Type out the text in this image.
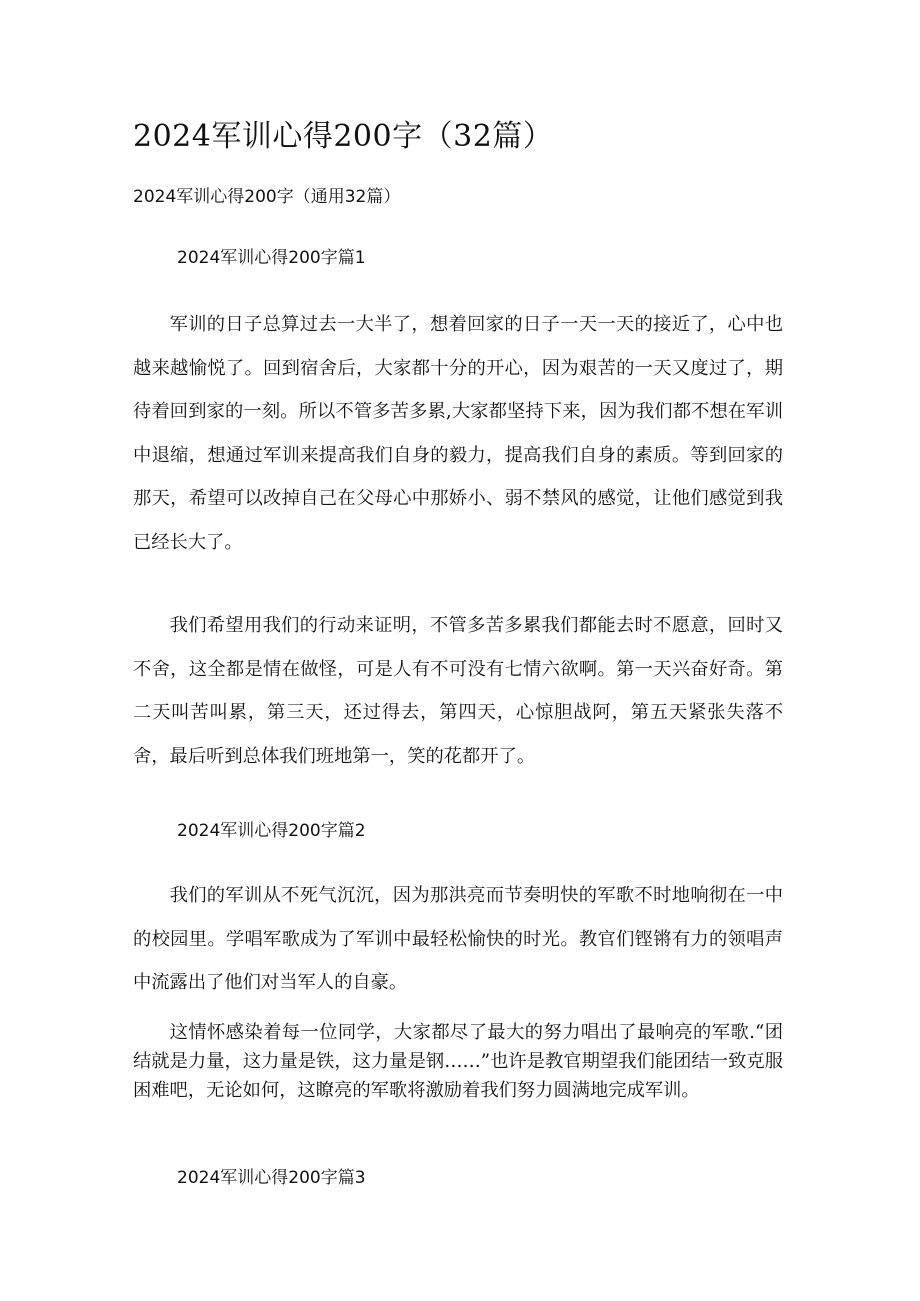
2024军训心得200字（32篇）
2024军训心得200字（通用32篇）
2024军训心得200字篇1

军训的日子总算过去一大半了，想着回家的日子一天一天的接近了，心中也越来越愉悦了。回到宿舍后，大家都十分的开心，因为艰苦的一天又度过了，期待着回到家的一刻。所以不管多苦多累,大家都坚持下来，因为我们都不想在军训中退缩，想通过军训来提高我们自身的毅力，提高我们自身的素质。等到回家的那天，希望可以改掉自己在父母心中那娇小、弱不禁风的感觉，让他们感觉到我已经长大了。

我们希望用我们的行动来证明，不管多苦多累我们都能去时不愿意，回时又不舍，这全都是情在做怪，可是人有不可没有七情六欲啊。第一天兴奋好奇。第二天叫苦叫累，第三天，还过得去，第四天，心惊胆战阿，第五天紧张失落不舍，最后听到总体我们班地第一，笑的花都开了。

2024军训心得200字篇2

我们的军训从不死气沉沉，因为那洪亮而节奏明快的军歌不时地响彻在一中的校园里。学唱军歌成为了军训中最轻松愉快的时光。教官们铿锵有力的领唱声中流露出了他们对当军人的自豪。

这情怀感染着每一位同学，大家都尽了最大的努力唱出了最响亮的军歌.“团结就是力量，这力量是铁，这力量是钢……”也许是教官期望我们能团结一致克服困难吧，无论如何，这瞭亮的军歌将激励着我们努力圆满地完成军训。

2024军训心得200字篇3
